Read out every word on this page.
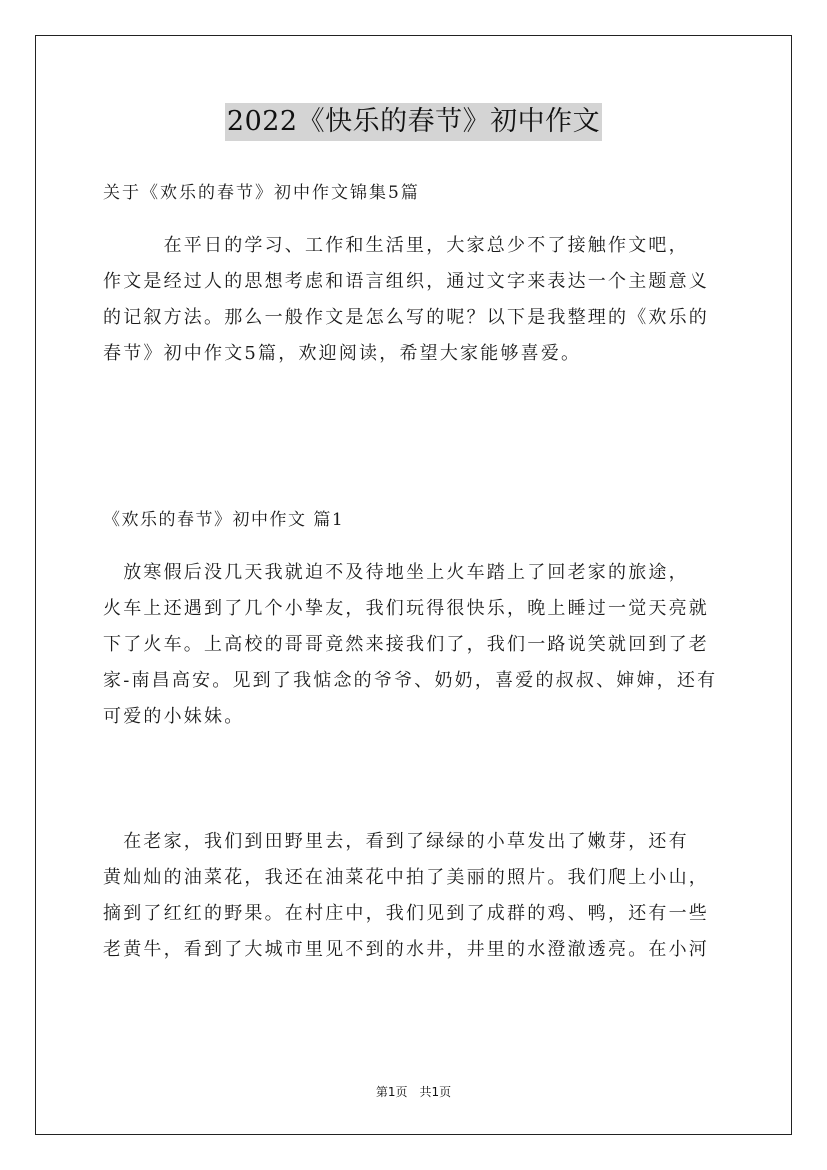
2022《快乐的春节》初中作文
关于《欢乐的春节》初中作文锦集5篇
　　　在平日的学习、工作和生活里，大家总少不了接触作文吧，
作文是经过人的思想考虑和语言组织，通过文字来表达一个主题意义
的记叙方法。那么一般作文是怎么写的呢？以下是我整理的《欢乐的
春节》初中作文5篇，欢迎阅读，希望大家能够喜爱。
《欢乐的春节》初中作文 篇1
　放寒假后没几天我就迫不及待地坐上火车踏上了回老家的旅途，
火车上还遇到了几个小挚友，我们玩得很快乐，晚上睡过一觉天亮就
下了火车。上高校的哥哥竟然来接我们了，我们一路说笑就回到了老
家-南昌高安。见到了我惦念的爷爷、奶奶，喜爱的叔叔、婶婶，还有
可爱的小妹妹。
　在老家，我们到田野里去，看到了绿绿的小草发出了嫩芽，还有
黄灿灿的油菜花，我还在油菜花中拍了美丽的照片。我们爬上小山，
摘到了红红的野果。在村庄中，我们见到了成群的鸡、鸭，还有一些
老黄牛，看到了大城市里见不到的水井，井里的水澄澈透亮。在小河
第1页　共1页
